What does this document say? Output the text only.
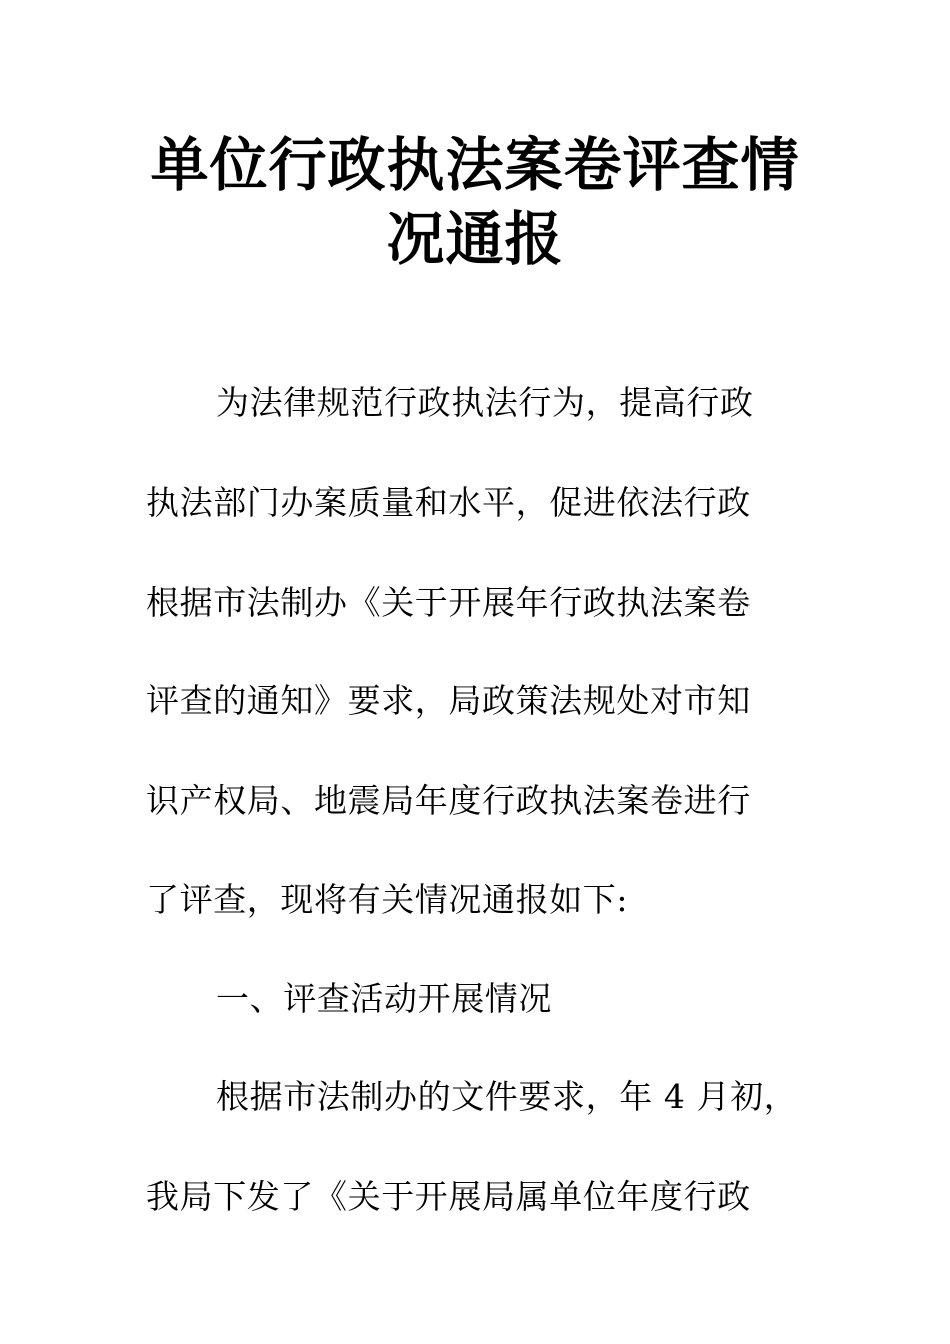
单位行政执法案卷评查情
况通报

为法律规范行政执法行为，提高行政

执法部门办案质量和水平，促进依法行政

根据市法制办《关于开展年行政执法案卷

评查的通知》要求，局政策法规处对市知

识产权局、地震局年度行政执法案卷进行

了评查，现将有关情况通报如下:

一、评查活动开展情况

根据市法制办的文件要求，年 4 月初，

我局下发了《关于开展局属单位年度行政
